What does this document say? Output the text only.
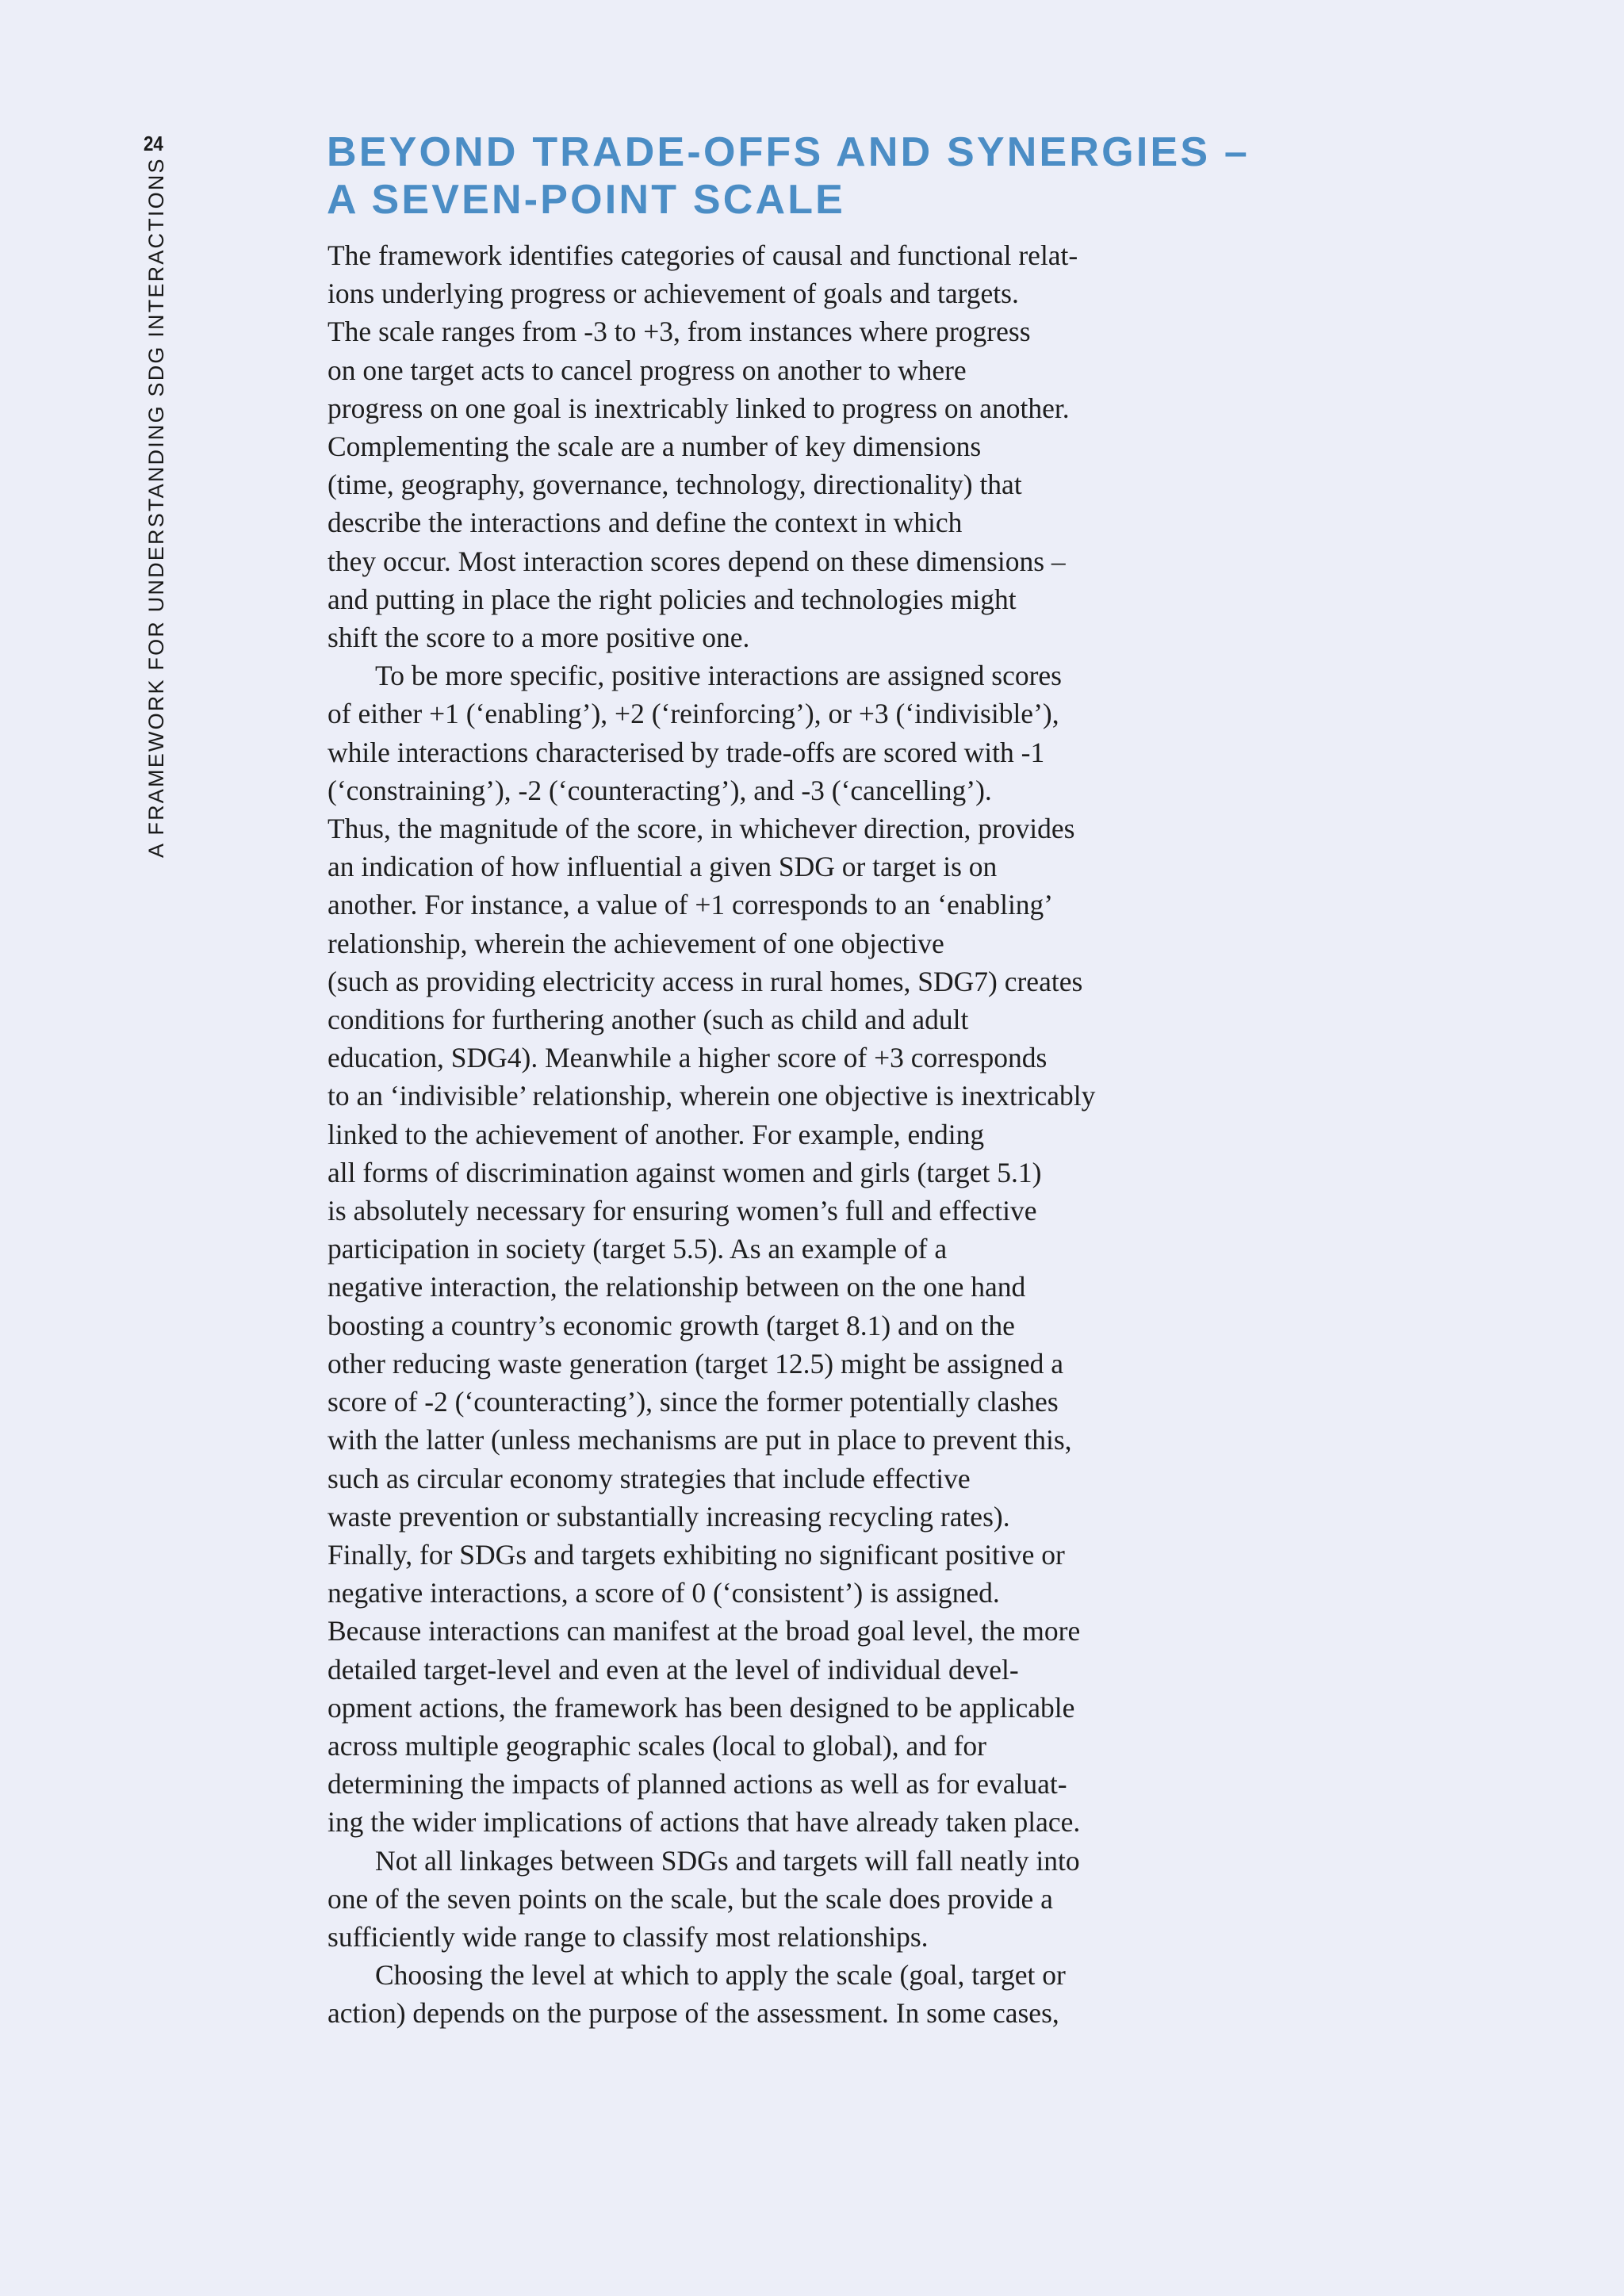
24
A FRAMEWORK FOR UNDERSTANDING SDG INTERACTIONS
BEYOND TRADE-OFFS AND SYNERGIES –
A SEVEN-POINT SCALE
The framework identifies categories of causal and functional relat-
ions underlying progress or achievement of goals and targets.
The scale ranges from -3 to +3, from instances where progress
on one target acts to cancel progress on another to where
progress on one goal is inextricably linked to progress on another.
Complementing the scale are a number of key dimensions
(time, geography, governance, technology, directionality) that
describe the interactions and define the context in which
they occur. Most interaction scores depend on these dimensions –
and putting in place the right policies and technologies might
shift the score to a more positive one.
To be more specific, positive interactions are assigned scores
of either +1 (‘enabling’), +2 (‘reinforcing’), or +3 (‘indivisible’),
while interactions characterised by trade-offs are scored with -1
(‘constraining’), -2 (‘counteracting’), and -3 (‘cancelling’).
Thus, the magnitude of the score, in whichever direction, provides
an indication of how influential a given SDG or target is on
another. For instance, a value of +1 corresponds to an ‘enabling’
relationship, wherein the achievement of one objective
(such as providing electricity access in rural homes, SDG7) creates
conditions for furthering another (such as child and adult
education, SDG4). Meanwhile a higher score of +3 corresponds
to an ‘indivisible’ relationship, wherein one objective is inextricably
linked to the achievement of another. For example, ending
all forms of discrimination against women and girls (target 5.1)
is absolutely necessary for ensuring women’s full and effective
participation in society (target 5.5). As an example of a
negative interaction, the relationship between on the one hand
boosting a country’s economic growth (target 8.1) and on the
other reducing waste generation (target 12.5) might be assigned a
score of -2 (‘counteracting’), since the former potentially clashes
with the latter (unless mechanisms are put in place to prevent this,
such as circular economy strategies that include effective
waste prevention or substantially increasing recycling rates).
Finally, for SDGs and targets exhibiting no significant positive or
negative interactions, a score of 0 (‘consistent’) is assigned.
Because interactions can manifest at the broad goal level, the more
detailed target-level and even at the level of individual devel-
opment actions, the framework has been designed to be applicable
across multiple geographic scales (local to global), and for
determining the impacts of planned actions as well as for evaluat-
ing the wider implications of actions that have already taken place.
Not all linkages between SDGs and targets will fall neatly into
one of the seven points on the scale, but the scale does provide a
sufficiently wide range to classify most relationships.
Choosing the level at which to apply the scale (goal, target or
action) depends on the purpose of the assessment. In some cases,
